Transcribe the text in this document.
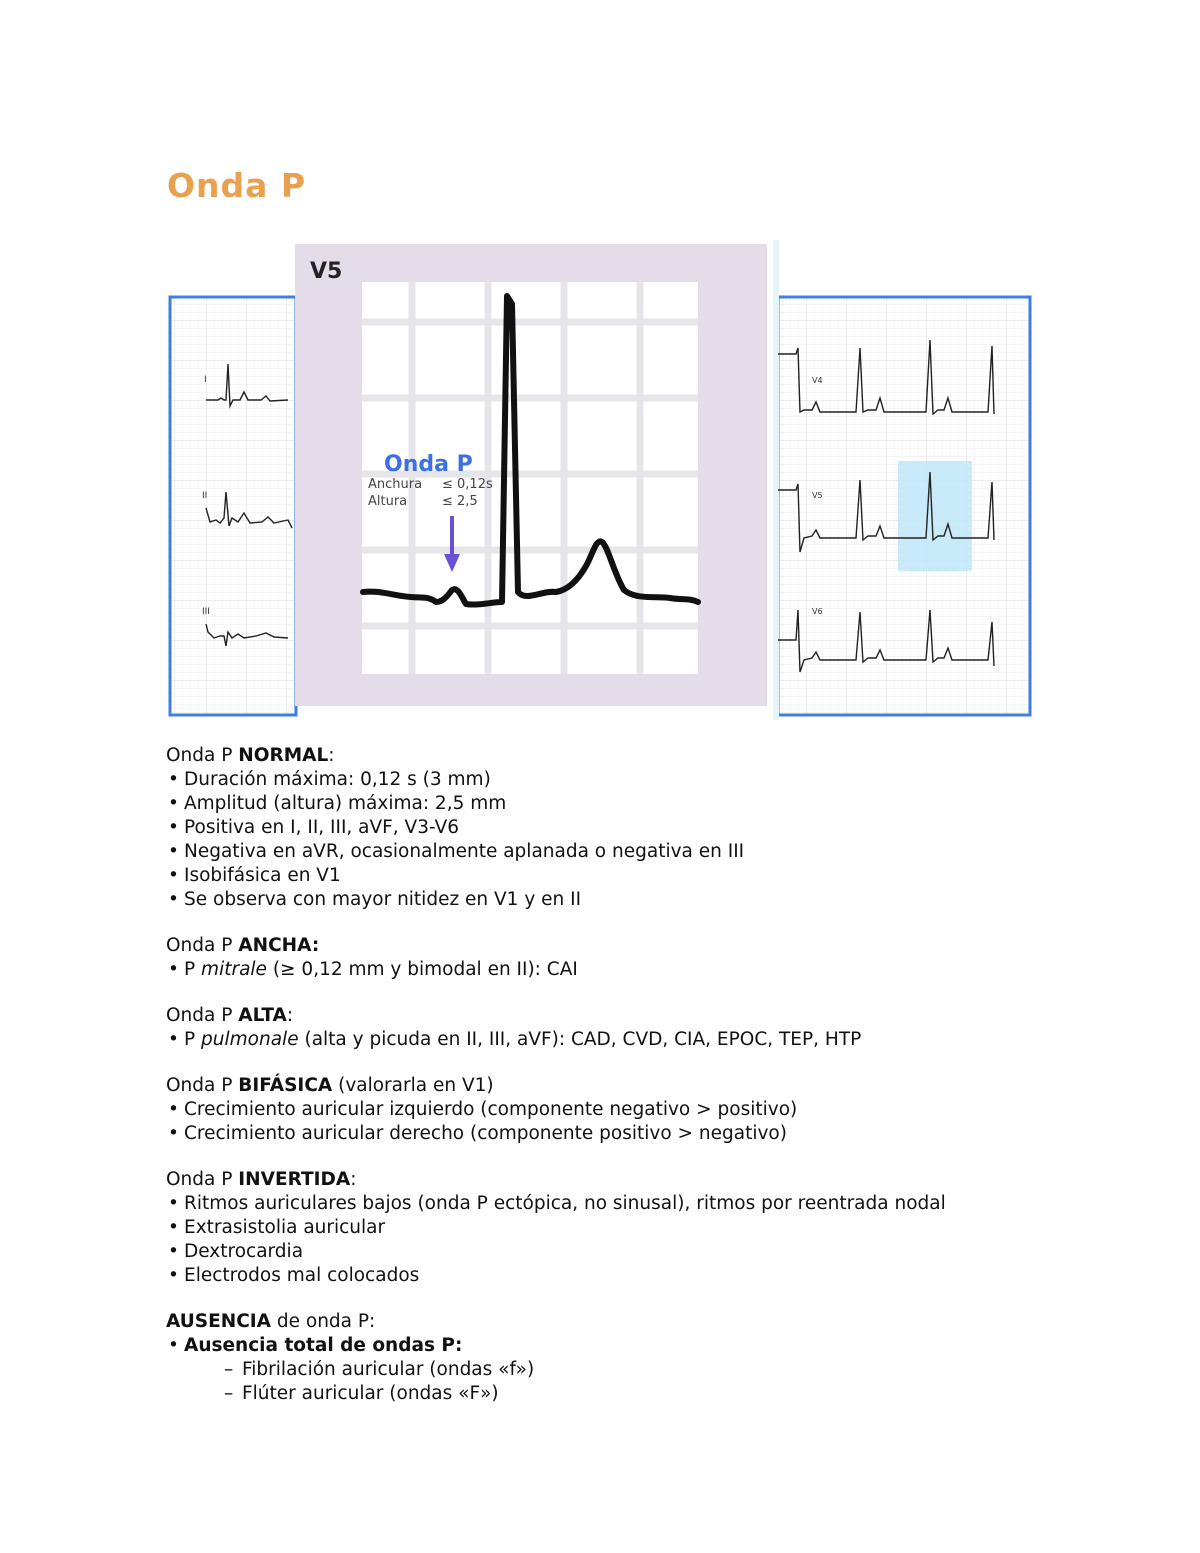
Onda P
I
II
III
V4
V5
V6
V5
Onda P
Anchura ≤ 0,12s
Altura	≤ 2,5

Onda P NORMAL:

• Duración máxima: 0,12 s (3 mm)
• Amplitud (altura) máxima: 2,5 mm
• Positiva en I, II, III, aVF, V3-V6
• Negativa en aVR, ocasionalmente aplanada o negativa en III
• Isobifásica en V1
• Se observa con mayor nitidez en V1 y en II

Onda P ANCHA:

• P mitrale (≥ 0,12 mm y bimodal en II): CAI

Onda P ALTA:

• P pulmonale (alta y picuda en II, III, aVF): CAD, CVD, CIA, EPOC, TEP, HTP

Onda P BIFÁSICA (valorarla en V1)

• Crecimiento auricular izquierdo (componente negativo > positivo)
• Crecimiento auricular derecho (componente positivo > negativo)

Onda P INVERTIDA:

• Ritmos auriculares bajos (onda P ectópica, no sinusal), ritmos por reentrada nodal
• Extrasistolia auricular
• Dextrocardia
• Electrodos mal colocados

AUSENCIA de onda P:

• Ausencia total de ondas P:
– Fibrilación auricular (ondas «f»)
– Flúter auricular (ondas «F»)
